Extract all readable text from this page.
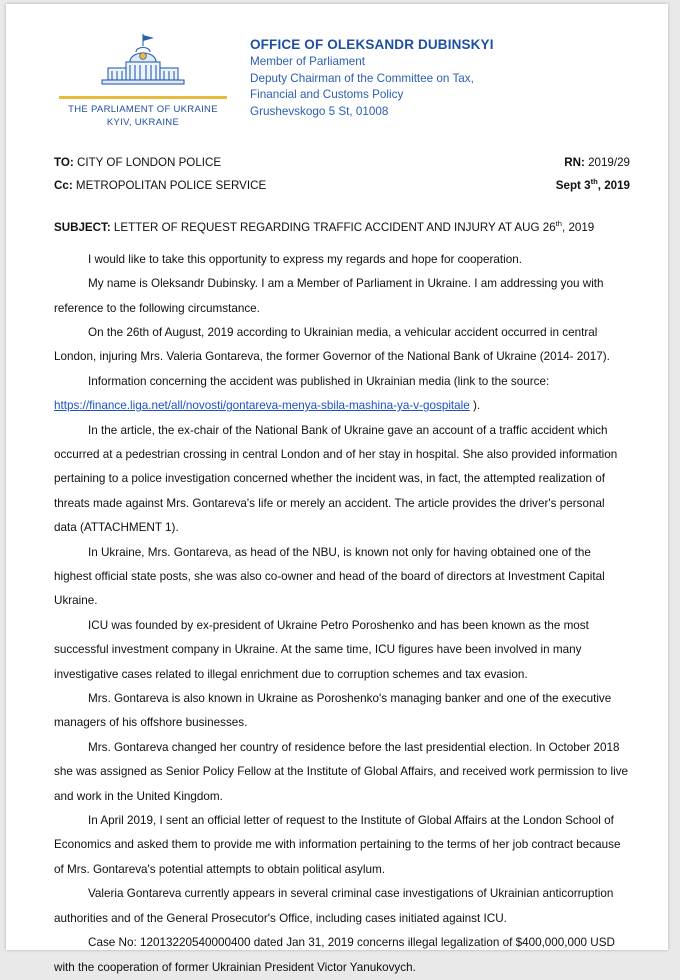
THE PARLIAMENT OF UKRAINE
KYIV, UKRAINE
OFFICE OF OLEKSANDR DUBINSKYI
Member of Parliament
Deputy Chairman of the Committee on Tax,
Financial and Customs Policy
Grushevskogo 5 St, 01008
TO: CITY OF LONDON POLICE	RN: 2019/29
Cc: METROPOLITAN POLICE SERVICE	Sept 3th, 2019
SUBJECT: LETTER OF REQUEST REGARDING TRAFFIC ACCIDENT AND INJURY AT AUG 26th, 2019

I would like to take this opportunity to express my regards and hope for cooperation.

My name is Oleksandr Dubinsky. I am a Member of Parliament in Ukraine. I am addressing you with reference to the following circumstance.

On the 26th of August, 2019 according to Ukrainian media, a vehicular accident occurred in central London, injuring Mrs. Valeria Gontareva, the former Governor of the National Bank of Ukraine (2014- 2017).

Information concerning the accident was published in Ukrainian media (link to the source:
https://finance.liga.net/all/novosti/gontareva-menya-sbila-mashina-ya-v-gospitale ).

In the article, the ex-chair of the National Bank of Ukraine gave an account of a traffic accident which occurred at a pedestrian crossing in central London and of her stay in hospital. She also provided information pertaining to a police investigation concerned whether the incident was, in fact, the attempted realization of threats made against Mrs. Gontareva's life or merely an accident. The article provides the driver's personal data (ATTACHMENT 1).

In Ukraine, Mrs. Gontareva, as head of the NBU, is known not only for having obtained one of the highest official state posts, she was also co-owner and head of the board of directors at Investment Capital Ukraine.

ICU was founded by ex-president of Ukraine Petro Poroshenko and has been known as the most successful investment company in Ukraine. At the same time, ICU figures have been involved in many investigative cases related to illegal enrichment due to corruption schemes and tax evasion.

Mrs. Gontareva is also known in Ukraine as Poroshenko's managing banker and one of the executive managers of his offshore businesses.

Mrs. Gontareva changed her country of residence before the last presidential election. In October 2018 she was assigned as Senior Policy Fellow at the Institute of Global Affairs, and received work permission to live and work in the United Kingdom.

In April 2019, I sent an official letter of request to the Institute of Global Affairs at the London School of Economics and asked them to provide me with information pertaining to the terms of her job contract because of Mrs. Gontareva's potential attempts to obtain political asylum.

Valeria Gontareva currently appears in several criminal case investigations of Ukrainian anticorruption authorities and of the General Prosecutor's Office, including cases initiated against ICU.

Case No: 12013220540000400 dated Jan 31, 2019 concerns illegal legalization of $400,000,000 USD with the cooperation of former Ukrainian President Victor Yanukovych.
